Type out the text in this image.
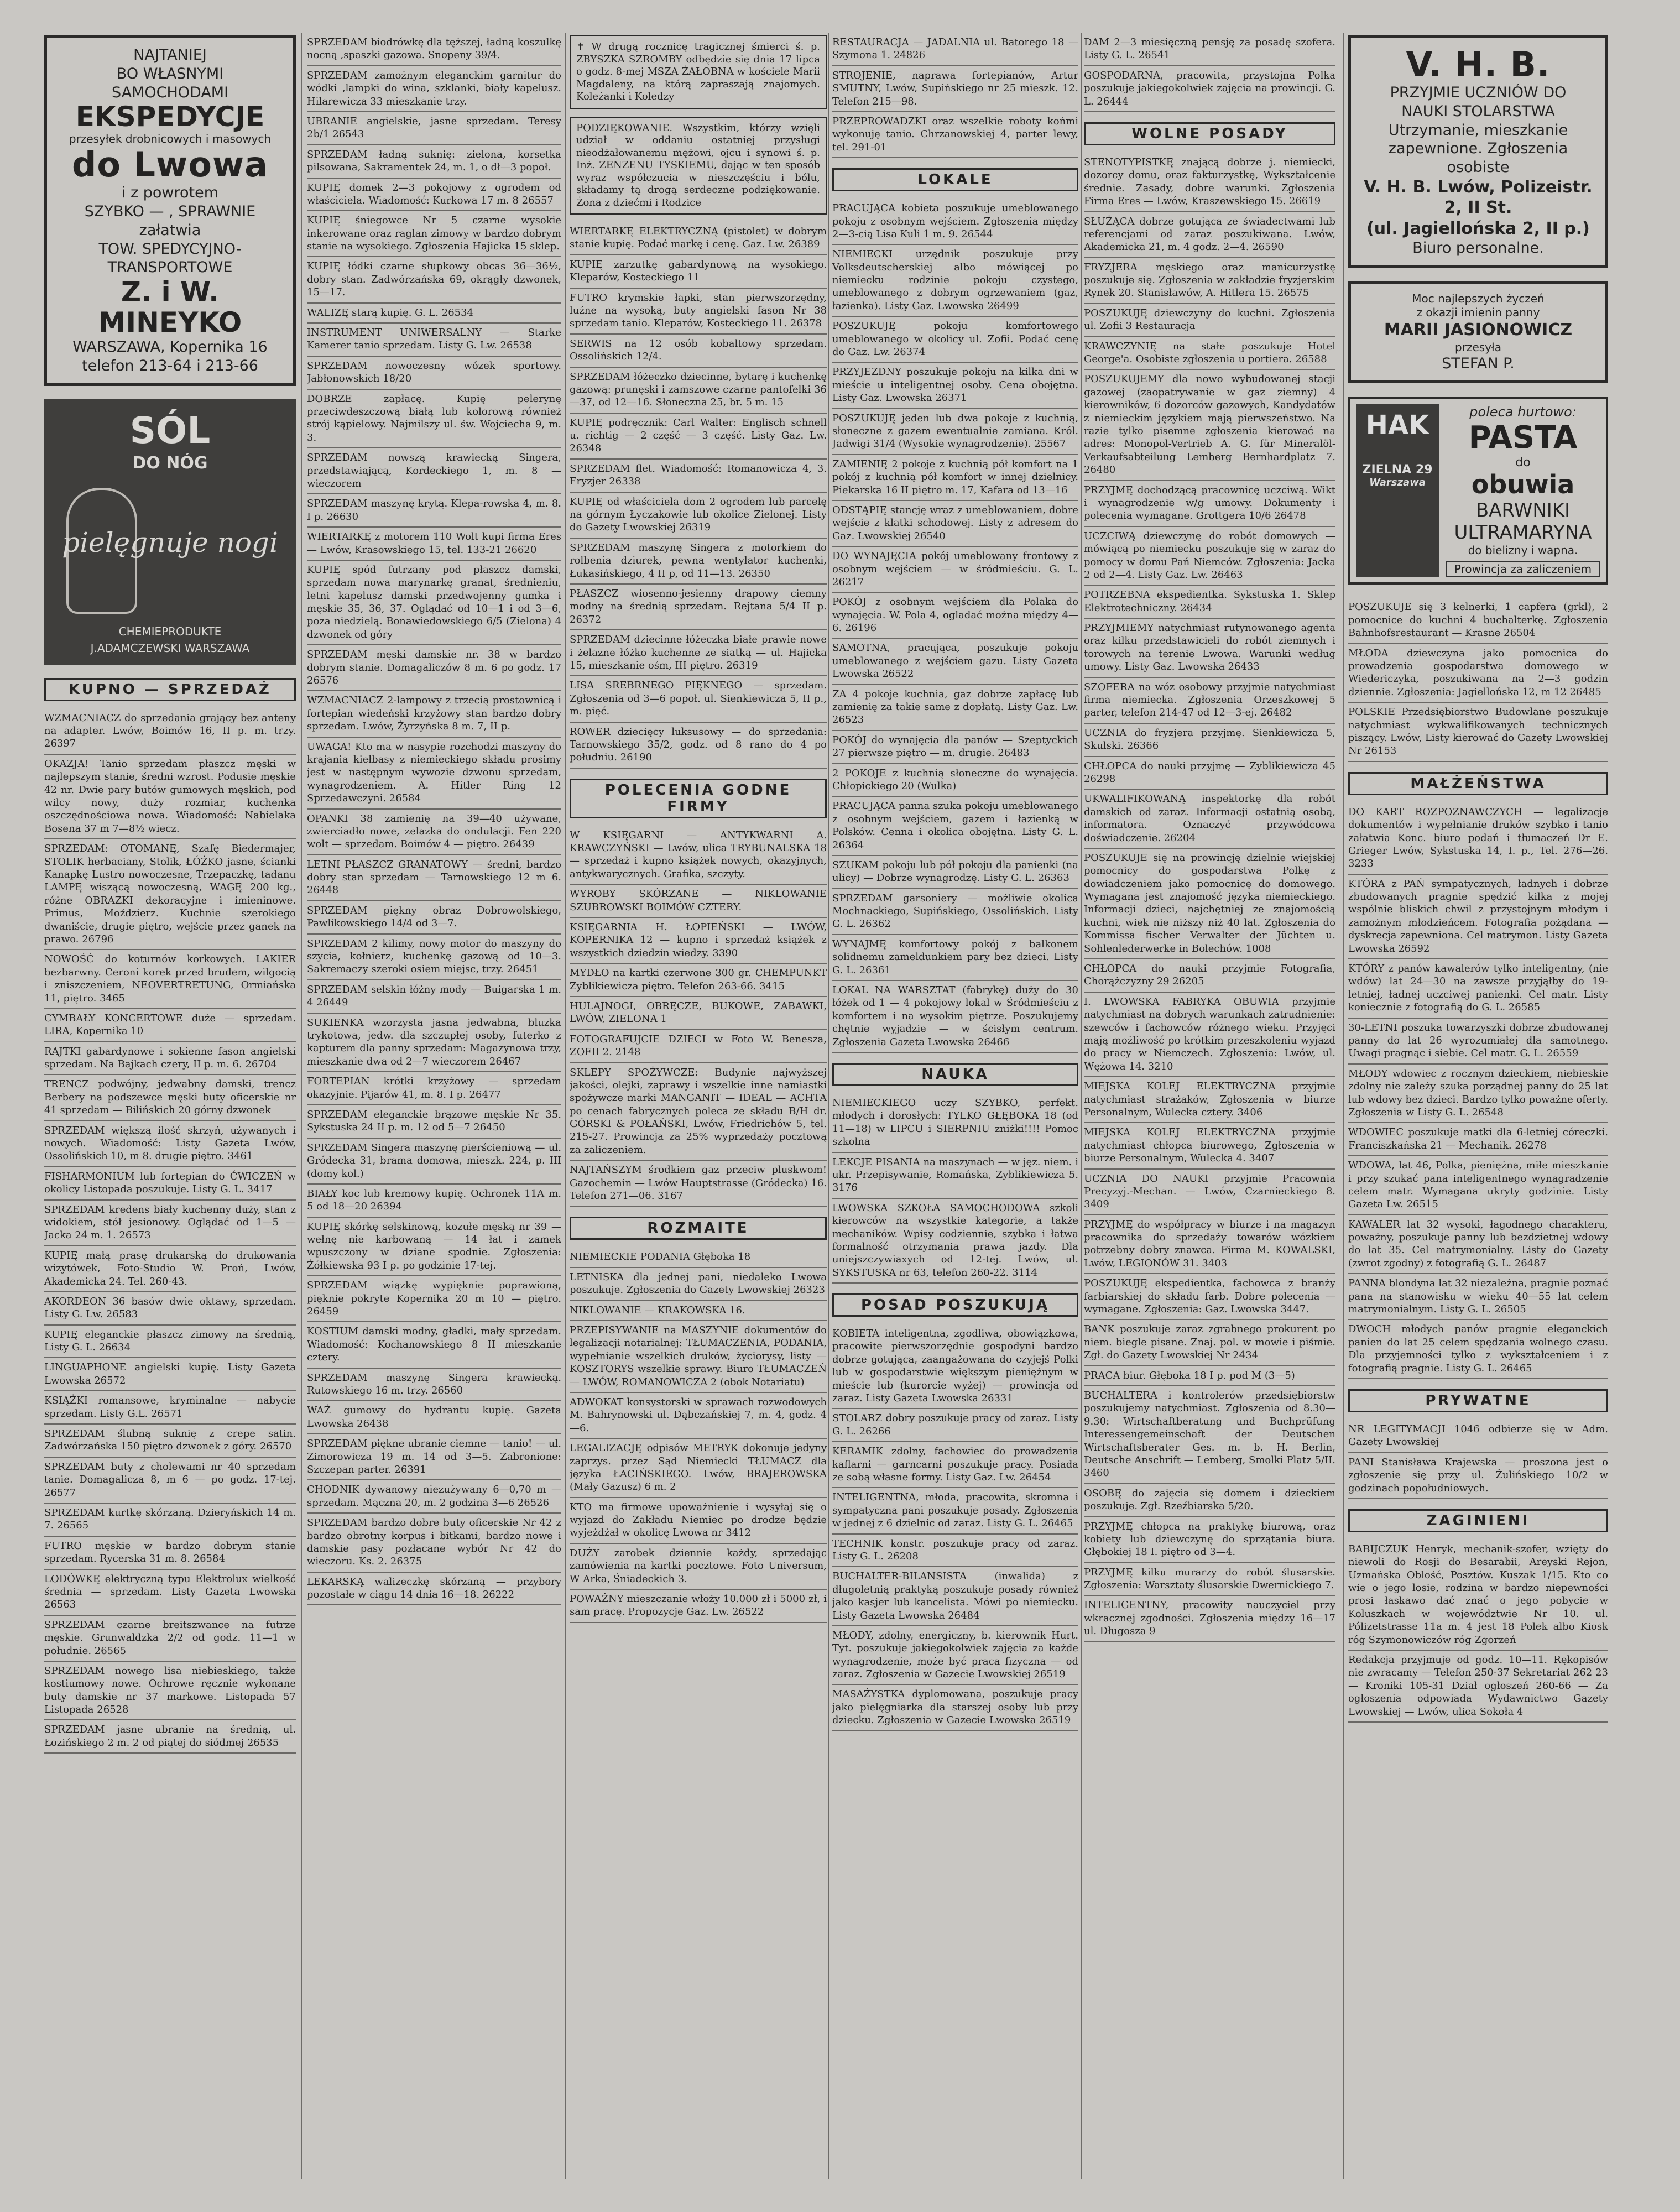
NAJTANIEJ
BO WŁASNYMI
SAMOCHODAMI
EKSPEDYCJE
przesyłek drobnicowych i masowych
do Lwowa
i z powrotem
SZYBKO — , SPRAWNIE
załatwia
TOW. SPEDYCYJNO-
TRANSPORTOWE
Z. i W. MINEYKO
WARSZAWA, Kopernika 16
telefon 213-64 i 213-66
SÓL
DO NÓG
pielęgnuje nogi
CHEMIEPRODUKTE
J.ADAMCZEWSKI WARSZAWA
KUPNO — SPRZEDAŻ

WZMACNIACZ do sprzedania grający bez anteny na adapter. Lwów, Boimów 16, II p. m. trzy. 26397

OKAZJA! Tanio sprzedam płaszcz męski w najlepszym stanie, średni wzrost. Podusie męskie 42 nr. Dwie pary butów gumowych męskich, pod wilcy nowy, duży rozmiar, kuchenka oszczędnościowa nowa. Wiadomość: Nabielaka Bosena 37 m 7—8½ wiecz.

SPRZEDAM: OTOMANĘ, Szafę Biedermajer, STOLIK herbaciany, Stolik, ŁÓŻKO jasne, ścianki Kanapkę Lustro nowoczesne, Trzepaczkę, tadanu LAMPĘ wiszącą nowoczesną, WAGĘ 200 kg., różne OBRAZKI dekoracyjne i imieninowe. Primus, Moździerz. Kuchnie szerokiego dwaniście, drugie piętro, wejście przez ganek na prawo. 26796

NOWOŚĆ do koturnów korkowych. LAKIER bezbarwny. Ceroni korek przed brudem, wilgocią i zniszczeniem, NEOVERTRETUNG, Ormiańska 11, piętro. 3465

CYMBAŁY KONCERTOWE duże — sprzedam. LIRA, Kopernika 10

RAJTKI gabardynowe i sokienne fason angielski sprzedam. Na Bajkach czery, II p. m. 6. 26704

TRENCZ podwójny, jedwabny damski, trencz Berbery na podszewce męski buty oficerskie nr 41 sprzedam — Bilińskich 20 górny dzwonek

SPRZEDAM większą ilość skrzyń, używanych i nowych. Wiadomość: Listy Gazeta Lwów, Ossolińskich 10, m 8. drugie piętro. 3461

FISHARMONIUM lub fortepian do ĆWICZEŃ w okolicy Listopada poszukuje. Listy G. L. 3417

SPRZEDAM kredens biały kuchenny duży, stan z widokiem, stół jesionowy. Oglądać od 1—5 — Jacka 24 m. 1. 26573

KUPIĘ małą prasę drukarską do drukowania wizytówek, Foto-Studio W. Proń, Lwów, Akademicka 24. Tel. 260-43.

AKORDEON 36 basów dwie oktawy, sprzedam. Listy G. Lw. 26583

KUPIĘ eleganckie płaszcz zimowy na średnią, Listy G. L. 26634

LINGUAPHONE angielski kupię. Listy Gazeta Lwowska 26572

KSIĄŻKI romansowe, kryminalne — nabycie sprzedam. Listy G.L. 26571

SPRZEDAM ślubną suknię z crepe satin. Zadwórzańska 150 piętro dzwonek z góry. 26570

SPRZEDAM buty z cholewami nr 40 sprzedam tanie. Domagalicza 8, m 6 — po godz. 17-tej. 26577

SPRZEDAM kurtkę skórzaną. Dzieryńskich 14 m. 7. 26565

FUTRO męskie w bardzo dobrym stanie sprzedam. Rycerska 31 m. 8. 26584

LODÓWKĘ elektryczną typu Elektrolux wielkość średnia — sprzedam. Listy Gazeta Lwowska 26563

SPRZEDAM czarne breitszwance na futrze męskie. Grunwaldzka 2/2 od godz. 11—1 w południe. 26565

SPRZEDAM nowego lisa niebieskiego, także kostiumowy nowe. Ochrowe ręcznie wykonane buty damskie nr 37 markowe. Listopada 57 Listopada 26528

SPRZEDAM jasne ubranie na średnią, ul. Łozińskiego 2 m. 2 od piątej do siódmej 26535

SPRZEDAM biodrówkę dla tęższej, ładną koszulkę nocną ,spaszki gazowa. Snopeny 39/4.

SPRZEDAM zamożnym eleganckim garnitur do wódki ,lampki do wina, szklanki, biały kapelusz. Hilarewicza 33 mieszkanie trzy.

UBRANIE angielskie, jasne sprzedam. Teresy 2b/1 26543

SPRZEDAM ładną suknię: zielona, korsetka pilsowana, Sakramentek 24, m. 1, o dł—3 popoł.

KUPIĘ domek 2—3 pokojowy z ogrodem od właściciela. Wiadomość: Kurkowa 17 m. 8 26557

KUPIĘ śniegowce Nr 5 czarne wysokie inkerowane oraz raglan zimowy w bardzo dobrym stanie na wysokiego. Zgłoszenia Hajicka 15 sklep.

KUPIĘ łódki czarne słupkowy obcas 36—36½, dobry stan. Zadwórzańska 69, okrągły dzwonek, 15—17.

WALIZĘ starą kupię. G. L. 26534

INSTRUMENT UNIWERSALNY — Starke Kamerer tanio sprzedam. Listy G. Lw. 26538

SPRZEDAM nowoczesny wózek sportowy. Jabłonowskich 18/20

DOBRZE zapłacę. Kupię pelerynę przeciwdeszczową białą lub kolorową również strój kąpielowy. Najmilszy ul. św. Wojciecha 9, m. 3.

SPRZEDAM nowszą krawiecką Singera, przedstawiającą, Kordeckiego 1, m. 8 — wieczorem

SPRZEDAM maszynę krytą. Klepa-rowska 4, m. 8. I p. 26630

WIERTARKĘ z motorem 110 Wolt kupi firma Eres — Lwów, Krasowskiego 15, tel. 133-21 26620

KUPIĘ spód futrzany pod płaszcz damski, sprzedam nowa marynarkę granat, średnieniu, letni kapelusz damski przedwojenny gumka i męskie 35, 36, 37. Oglądać od 10—1 i od 3—6, poza niedzielą. Bonawiedowskiego 6/5 (Zielona) 4 dzwonek od góry

SPRZEDAM męski damskie nr. 38 w bardzo dobrym stanie. Domagaliczów 8 m. 6 po godz. 17 26576

WZMACNIACZ 2-lampowy z trzecią prostownicą i fortepian wiedeński krzyżowy stan bardzo dobry sprzedam. Lwów, Żyrzyńska 8 m. 7, II p.

UWAGA! Kto ma w nasypie rozchodzi maszyny do krajania kiełbasy z niemieckiego składu prosimy jest w następnym wywozie dzwonu sprzedam, wynagrodzeniem. A. Hitler Ring 12 Sprzedawczyni. 26584

OPANKI 38 zamienię na 39—40 używane, zwierciadło nowe, zelazka do ondulacji. Fen 220 wolt — sprzedam. Boimów 4 — piętro. 26439

LETNI PŁASZCZ GRANATOWY — średni, bardzo dobry stan sprzedam — Tarnowskiego 12 m 6. 26448

SPRZEDAM piękny obraz Dobrowolskiego, Pawlikowskiego 14/4 od 3—7.

SPRZEDAM 2 kilimy, nowy motor do maszyny do szycia, kołnierz, kuchenkę gazową od 10—3. Sakremaczy szeroki osiem miejsc, trzy. 26451

SPRZEDAM selskin łóżny mody — Buigarska 1 m. 4 26449

SUKIENKA wzorzysta jasna jedwabna, bluzka trykotowa, jedw. dla szczupłej osoby, futerko z kapturem dla panny sprzedam: Magazynowa trzy, mieszkanie dwa od 2—7 wieczorem 26467

FORTEPIAN krótki krzyżowy — sprzedam okazyjnie. Pijarów 41, m. 8. I p. 26477

SPRZEDAM eleganckie brązowe męskie Nr 35. Sykstuska 24 II p. m. 12 od 5—7 26450

SPRZEDAM Singera maszynę pierścieniową — ul. Gródecka 31, brama domowa, mieszk. 224, p. III (domy kol.)

BIAŁY koc lub kremowy kupię. Ochronek 11A m. 5 od 18—20 26394

KUPIĘ skórkę selskinową, kozułe męską nr 39 — wełnę nie karbowaną — 14 łat i zamek wpuszczony w dziane spodnie. Zgłoszenia: Żółkiewska 93 I p. po godzinie 17-tej.

SPRZEDAM wiązkę wypięknie poprawioną, pięknie pokryte Kopernika 20 m 10 — piętro. 26459

KOSTIUM damski modny, gładki, mały sprzedam. Wiadomość: Kochanowskiego 8 II mieszkanie cztery.

SPRZEDAM maszynę Singera krawiecką. Rutowskiego 16 m. trzy. 26560

WAŻ gumowy do hydrantu kupię. Gazeta Lwowska 26438

SPRZEDAM piękne ubranie ciemne — tanio! — ul. Zimorowicza 19 m. 14 od 3—5. Zabronione: Szczepan parter. 26391

CHODNIK dywanowy niezużywany 6—0,70 m — sprzedam. Mączna 20, m. 2 godzina 3—6 26526

SPRZEDAM bardzo dobre buty oficerskie Nr 42 z bardzo obrotny korpus i bitkami, bardzo nowe i damskie pasy pozłacane wybór Nr 42 do wieczoru. Ks. 2. 26375

LEKARSKĄ walizeczkę skórzaną — przybory pozostałe w ciągu 14 dnia 16—18. 26222

✝ W drugą rocznicę tragicznej śmierci ś. p. ZBYSZKA SZROMBY odbędzie się dnia 17 lipca o godz. 8-mej MSZA ŻAŁOBNA w kościele Marii Magdaleny, na którą zapraszają znajomych. Koleżanki i Koledzy
PODZIĘKOWANIE. Wszystkim, którzy wzięli udział w oddaniu ostatniej przysługi nieodżałowanemu mężowi, ojcu i synowi ś. p. Inż. ZENZENU TYSKIEMU, dając w ten sposób wyraz współczucia w nieszczęściu i bólu, składamy tą drogą serdeczne podziękowanie. Żona z dziećmi i Rodzice

WIERTARKĘ ELEKTRYCZNĄ (pistolet) w dobrym stanie kupię. Podać markę i cenę. Gaz. Lw. 26389

KUPIĘ zarzutkę gabardynową na wysokiego. Kleparów, Kosteckiego 11

FUTRO krymskie łapki, stan pierwszorzędny, luźne na wysoką, buty angielski fason Nr 38 sprzedam tanio. Kleparów, Kosteckiego 11. 26378

SERWIS na 12 osób kobaltowy sprzedam. Ossolińskich 12/4.

SPRZEDAM łóżeczko dziecinne, bytarę i kuchenkę gazową: prunęski i zamszowe czarne pantofelki 36—37, od 12—16. Słoneczna 25, br. 5 m. 15

KUPIĘ podręcznik: Carl Walter: Englisch schnell u. richtig — 2 część — 3 część. Listy Gaz. Lw. 26348

SPRZEDAM flet. Wiadomość: Romanowicza 4, 3. Fryzjer 26338

KUPIĘ od właściciela dom 2 ogrodem lub parcelę na górnym Łyczakowie lub okolice Zielonej. Listy do Gazety Lwowskiej 26319

SPRZEDAM maszynę Singera z motorkiem do rolbenia dziurek, pewna wentylator kuchenki, Łukasińskiego, 4 II p, od 11—13. 26350

PŁASZCZ wiosenno-jesienny drapowy ciemny modny na średnią sprzedam. Rejtana 5/4 II p. 26372

SPRZEDAM dziecinne łóżeczka białe prawie nowe i żelazne łóżko kuchenne ze siatką — ul. Hajicka 15, mieszkanie ośm, III piętro. 26319

LISA SREBRNEGO PIĘKNEGO — sprzedam. Zgłoszenia od 3—6 popoł. ul. Sienkiewicza 5, II p., m. pięć.

ROWER dziecięcy luksusowy — do sprzedania: Tarnowskiego 35/2, godz. od 8 rano do 4 po południu. 26190

POLECENIA GODNE FIRMY

W KSIĘGARNI — ANTYKWARNI A. KRAWCZYŃSKI — Lwów, ulica TRYBUNALSKA 18 — sprzedaż i kupno książek nowych, okazyjnych, antykwarycznych. Grafika, szczyty.

WYROBY SKÓRZANE — NIKLOWANIE SZUBROWSKI BOIMÓW CZTERY.

KSIĘGARNIA H. ŁOPIEŃSKI — LWÓW, KOPERNIKA 12 — kupno i sprzedaż książek z wszystkich dziedzin wiedzy. 3390

MYDŁO na kartki czerwone 300 gr. CHEMPUNKT Zyblikiewicza piętro. Telefon 263-66. 3415

HULAJNOGI, OBRĘCZE, BUKOWE, ZABAWKI, LWÓW, ZIELONA 1

FOTOGRAFUJCIE DZIECI w Foto W. Benesza, ZOFII 2. 2148

SKLEPY SPOŻYWCZE: Budynie najwyższej jakości, olejki, zaprawy i wszelkie inne namiastki spożywcze marki MANGANIT — IDEAL — ACHTA po cenach fabrycznych poleca ze składu B/H dr. GÓRSKI & POŁAŃSKI, Lwów, Friedrichów 5, tel. 215-27. Prowincja za 25% wyprzedaży pocztową za zaliczeniem.

NAJTAŃSZYM środkiem gaz przeciw pluskwom! Gazochemin — Lwów Hauptstrasse (Gródecka) 16. Telefon 271—06. 3167

ROZMAITE

NIEMIECKIE PODANIA Głęboka 18

LETNISKA dla jednej pani, niedaleko Lwowa poszukuje. Zgłoszenia do Gazety Lwowskiej 26323

NIKLOWANIE — KRAKOWSKA 16.

PRZEPISYWANIE na MASZYNIE dokumentów do legalizacji notarialnej: TŁUMACZENIA, PODANIA, wypełnianie wszelkich druków, życiorysy, listy — KOSZTORYS wszelkie sprawy. Biuro TŁUMACZEŃ — LWÓW, ROMANOWICZA 2 (obok Notariatu)

ADWOKAT konsystorski w sprawach rozwodowych M. Bahrynowski ul. Dąbczańskiej 7, m. 4, godz. 4—6.

LEGALIZACJĘ odpisów METRYK dokonuje jedyny zaprzys. przez Sąd Niemiecki TŁUMACZ dla języka ŁACIŃSKIEGO. Lwów, BRAJEROWSKA (Mały Gazusz) 6 m. 2

KTO ma firmowe upoważnienie i wysyłaj się o wyjazd do Zakładu Niemiec po drodze będzie wyjeżdżał w okolicę Lwowa nr 3412

DUŻY zarobek dziennie każdy, sprzedając zamówienia na kartki pocztowe. Foto Universum, W Arka, Śniadeckich 3.

POWAŻNY mieszczanie włoży 10.000 zł i 5000 zł, i sam pracę. Propozycje Gaz. Lw. 26522

RESTAURACJA — JADALNIA ul. Batorego 18 — Szymona 1. 24826

STROJENIE, naprawa fortepianów, Artur SMUTNY, Lwów, Supińskiego nr 25 mieszk. 12. Telefon 215—98.

PRZEPROWADZKI oraz wszelkie roboty końmi wykonuję tanio. Chrzanowskiej 4, parter lewy, tel. 291-01

LOKALE

PRACUJĄCA kobieta poszukuje umeblowanego pokoju z osobnym wejściem. Zgłoszenia między 2—3-cią Lisa Kuli 1 m. 9. 26544

NIEMIECKI urzędnik poszukuje przy Volksdeutscherskiej albo mówiącej po niemiecku rodzinie pokoju czystego, umeblowanego z dobrym ogrzewaniem (gaz, łazienka). Listy Gaz. Lwowska 26499

POSZUKUJĘ pokoju komfortowego umeblowanego w okolicy ul. Zofii. Podać cenę do Gaz. Lw. 26374

PRZYJEZDNY poszukuje pokoju na kilka dni w mieście u inteligentnej osoby. Cena obojętna. Listy Gaz. Lwowska 26371

POSZUKUJĘ jeden lub dwa pokoje z kuchnią, słoneczne z gazem ewentualnie zamiana. Król. Jadwigi 31/4 (Wysokie wynagrodzenie). 25567

ZAMIENIĘ 2 pokoje z kuchnią pół komfort na 1 pokój z kuchnią pół komfort w innej dzielnicy. Piekarska 16 II piętro m. 17, Kafara od 13—16

ODSTĄPIĘ stancję wraz z umeblowaniem, dobre wejście z klatki schodowej. Listy z adresem do Gaz. Lwowskiej 26540

DO WYNAJĘCIA pokój umeblowany frontowy z osobnym wejściem — w śródmieściu. G. L. 26217

POKÓJ z osobnym wejściem dla Polaka do wynajęcia. W. Pola 4, ogladać można między 4—6. 26196

SAMOTNA, pracująca, poszukuje pokoju umeblowanego z wejściem gazu. Listy Gazeta Lwowska 26522

ZA 4 pokoje kuchnia, gaz dobrze zapłacę lub zamienię za takie same z dopłatą. Listy Gaz. Lw. 26523

POKÓJ do wynajęcia dla panów — Szeptyckich 27 pierwsze piętro — m. drugie. 26483

2 POKOJE z kuchnią słoneczne do wynajęcia. Chłopickiego 20 (Wulka)

PRACUJĄCA panna szuka pokoju umeblowanego z osobnym wejściem, gazem i łazienką w Polsków. Cenna i okolica obojętna. Listy G. L. 26364

SZUKAM pokoju lub pół pokoju dla panienki (na ulicy) — Dobrze wynagrodzę. Listy G. L. 26363

SPRZEDAM garsoniery — możliwie okolica Mochnackiego, Supińskiego, Ossolińskich. Listy G. L. 26362

WYNAJMĘ komfortowy pokój z balkonem solidnemu zameldunkiem pary bez dzieci. Listy G. L. 26361

LOKAL NA WARSZTAT (fabrykę) duży do 30 łóżek od 1 — 4 pokojowy lokal w Śródmieściu z komfortem i na wysokim piętrze. Poszukujemy chętnie wyjadzie — w ścisłym centrum. Zgłoszenia Gazeta Lwowska 26466

NAUKA

NIEMIECKIEGO uczy SZYBKO, perfekt. młodych i dorosłych: TYLKO GŁĘBOKA 18 (od 11—18) w LIPCU i SIERPNIU zniżki!!!! Pomoc szkolna

LEKCJE PISANIA na maszynach — w jęz. niem. i ukr. Przepisywanie, Romańska, Zyblikiewicza 5. 3176

LWOWSKA SZKOŁA SAMOCHODOWA szkoli kierowców na wszystkie kategorie, a także mechaników. Wpisy codziennie, szybka i łatwa formalność otrzymania prawa jazdy. Dla uniejszczywiaxych od 12-tej. Lwów, ul. SYKSTUSKA nr 63, telefon 260-22. 3114

POSAD POSZUKUJĄ

KOBIETA inteligentna, zgodliwa, obowiązkowa, pracowite pierwszorzędnie gospodyni bardzo dobrze gotująca, zaangażowana do czyjejś Polki lub w gospodarstwie większym pieniężnym w mieście lub (kurorcie wyżej) — prowincja od zaraz. Listy Gazeta Lwowska 26331

STOLARZ dobry poszukuje pracy od zaraz. Listy G. L. 26266

KERAMIK zdolny, fachowiec do prowadzenia kaflarni — garncarni poszukuje pracy. Posiada ze sobą własne formy. Listy Gaz. Lw. 26454

INTELIGENTNA, młoda, pracowita, skromna i sympatyczna pani poszukuje posady. Zgłoszenia w jednej z 6 dzielnic od zaraz. Listy G. L. 26465

TECHNIK konstr. poszukuje pracy od zaraz. Listy G. L. 26208

BUCHALTER-BILANSISTA (inwalida) z długoletnią praktyką poszukuje posady również jako kasjer lub kancelista. Mówi po niemiecku. Listy Gazeta Lwowska 26484

MŁODY, zdolny, energiczny, b. kierownik Hurt. Tyt. poszukuje jakiegokolwiek zajęcia za każde wynagrodzenie, może być praca fizyczna — od zaraz. Zgłoszenia w Gazecie Lwowskiej 26519

MASAŻYSTKA dyplomowana, poszukuje pracy jako pielęgniarka dla starszej osoby lub przy dziecku. Zgłoszenia w Gazecie Lwowska 26519

DAM 2—3 miesięczną pensję za posadę szofera. Listy G. L. 26541

GOSPODARNA, pracowita, przystojna Polka poszukuje jakiegokolwiek zajęcia na prowincji. G. L. 26444

WOLNE POSADY

STENOTYPISTKĘ znającą dobrze j. niemiecki, dozorcy domu, oraz fakturzystkę, Wykształcenie średnie. Zasady, dobre warunki. Zgłoszenia Firma Eres — Lwów, Kraszewskiego 15. 26619

SŁUŻĄCA dobrze gotująca ze świadectwami lub referencjami od zaraz poszukiwana. Lwów, Akademicka 21, m. 4 godz. 2—4. 26590

FRYZJERA męskiego oraz manicurzystkę poszukuje się. Zgłoszenia w zakładzie fryzjerskim Rynek 20. Stanisławów, A. Hitlera 15. 26575

POSZUKUJĘ dziewczyny do kuchni. Zgłoszenia ul. Zofii 3 Restauracja

KRAWCZYNIĘ na stałe poszukuje Hotel George'a. Osobiste zgłoszenia u portiera. 26588

POSZUKUJEMY dla nowo wybudowanej stacji gazowej (zaopatrywanie w gaz ziemny) 4 kierowników, 6 dozorców gazowych, Kandydatów z niemieckim językiem mają pierwszeństwo. Na razie tylko pisemne zgłoszenia kierować na adres: Monopol-Vertrieb A. G. für Mineralöl-Verkaufsabteilung Lemberg Bernhardplatz 7. 26480

PRZYJMĘ dochodzącą pracownicę uczciwą. Wikt i wynagrodzenie w/g umowy. Dokumenty i polecenia wymagane. Grottgera 10/6 26478

UCZCIWĄ dziewczynę do robót domowych — mówiącą po niemiecku poszukuje się w zaraz do pomocy w domu Pań Niemców. Zgłoszenia: Jacka 2 od 2—4. Listy Gaz. Lw. 26463

POTRZEBNA ekspedientka. Sykstuska 1. Sklep Elektrotechniczny. 26434

PRZYJMIEMY natychmiast rutynowanego agenta oraz kilku przedstawicieli do robót ziemnych i torowych na terenie Lwowa. Warunki według umowy. Listy Gaz. Lwowska 26433

SZOFERA na wóz osobowy przyjmie natychmiast firma niemiecka. Zgłoszenia Orzeszkowej 5 parter, telefon 214-47 od 12—3-ej. 26482

UCZNIA do fryzjera przyjmę. Sienkiewicza 5, Skulski. 26366

CHŁOPCA do nauki przyjmę — Zyblikiewicza 45 26298

UKWALIFIKOWANĄ inspektorkę dla robót damskich od zaraz. Informacji ostatnią osobą, informatora. Oznaczyć przywódcowa doświadczenie. 26204

POSZUKUJE się na prowincję dzielnie wiejskiej pomocnicy do gospodarstwa Polkę z dowiadczeniem jako pomocnicę do domowego. Wymagana jest znajomość języka niemieckiego. Informacji dzieci, najchętniej ze znajomością kuchni, wiek nie niższy niż 40 lat. Zgłoszenia do Kommissa fischer Verwalter der Jüchten u. Sohlenlederwerke in Bolechów. 1008

CHŁOPCA do nauki przyjmie Fotografia, Chorążczyzny 29 26205

I. LWOWSKA FABRYKA OBUWIA przyjmie natychmiast na dobrych warunkach zatrudnienie: szewców i fachowców różnego wieku. Przyjęci mają możliwość po krótkim przeszkoleniu wyjazd do pracy w Niemczech. Zgłoszenia: Lwów, ul. Wężowa 14. 3210

MIEJSKA KOLEJ ELEKTRYCZNA przyjmie natychmiast strażaków, Zgłoszenia w biurze Personalnym, Wulecka cztery. 3406

MIEJSKA KOLEJ ELEKTRYCZNA przyjmie natychmiast chłopca biurowego, Zgłoszenia w biurze Personalnym, Wulecka 4. 3407

UCZNIA DO NAUKI przyjmie Pracownia Precyzyj.-Mechan. — Lwów, Czarnieckiego 8. 3409

PRZYJMĘ do współpracy w biurze i na magazyn pracownika do sprzedaży towarów wózkiem potrzebny dobry znawca. Firma M. KOWALSKI, Lwów, LEGIONÓW 31. 3403

POSZUKUJĘ ekspedientka, fachowca z branży farbiarskiej do składu farb. Dobre polecenia — wymagane. Zgłoszenia: Gaz. Lwowska 3447.

BANK poszukuje zaraz zgrabnego prokurent po niem. biegle pisane. Znaj. pol. w mowie i piśmie. Zgł. do Gazety Lwowskiej Nr 2434

PRACA biur. Głęboka 18 I p. pod M (3—5)

BUCHALTERA i kontrolerów przedsiębiorstw poszukujemy natychmiast. Zgłoszenia od 8.30—9.30: Wirtschaftberatung und Buchprüfung Interessengemeinschaft der Deutschen Wirtschaftsberater Ges. m. b. H. Berlin, Deutsche Anschrift — Lemberg, Smolki Platz 5/II. 3460

OSOBĘ do zajęcia się domem i dzieckiem poszukuje. Zgł. Rzeźbiarska 5/20.

PRZYJMĘ chłopca na praktykę biurową, oraz kobiety lub dziewczynę do sprzątania biura. Głębokiej 18 I. piętro od 3—4.

PRZYJMĘ kilku murarzy do robót ślusarskie. Zgłoszenia: Warsztaty ślusarskie Dwernickiego 7.

INTELIGENTNY, pracowity nauczyciel przy wkracznej zgodności. Zgłoszenia między 16—17 ul. Długosza 9

V. H. B.
PRZYJMIE UCZNIÓW DO
NAUKI STOLARSTWA
Utrzymanie, mieszkanie zapewnione. Zgłoszenia osobiste
V. H. B. Lwów, Polizeistr. 2, II St.
(ul. Jagiellońska 2, II p.)
Biuro personalne.
Moc najlepszych życzeń
z okazji imienin panny
MARII JASIONOWICZ
przesyła
STEFAN P.
HAK
ZIELNA 29
Warszawa
poleca hurtowo:
PASTA
do
obuwia
BARWNIKI ULTRAMARYNA
do bielizny i wapna.
Prowincja za zaliczeniem

POSZUKUJE się 3 kelnerki, 1 capfera (grkl), 2 pomocnice do kuchni 4 buchalterkę. Zgłoszenia Bahnhofsrestaurant — Krasne 26504

MŁODA dziewczyna jako pomocnica do prowadzenia gospodarstwa domowego w Wiedericzyka, poszukiwana na 2—3 godzin dziennie. Zgłoszenia: Jagiellońska 12, m 12 26485

POLSKIE Przedsiębiorstwo Budowlane poszukuje natychmiast wykwalifikowanych technicznych piszący. Lwów, Listy kierować do Gazety Lwowskiej Nr 26153

MAŁŻEŃSTWA

DO KART ROZPOZNAWCZYCH — legalizacje dokumentów i wypełnianie druków szybko i tanio załatwia Konc. biuro podań i tłumaczeń Dr E. Grieger Lwów, Sykstuska 14, I. p., Tel. 276—26. 3233

KTÓRA z PAŃ sympatycznych, ładnych i dobrze zbudowanych pragnie spędzić kilka z mojej wspólnie bliskich chwil z przystojnym młodym i zamożnym młodzieńcem. Fotografia pożądana — dyskrecja zapewniona. Cel matrymon. Listy Gazeta Lwowska 26592

KTÓRY z panów kawalerów tylko inteligentny, (nie wdów) lat 24—30 na zawsze przyjąłby do 19-letniej, ładnej uczciwej panienki. Cel matr. Listy koniecznie z fotografią do G. L. 26585

30-LETNI poszuka towarzyszki dobrze zbudowanej panny do lat 26 wyrozumiałej dla samotnego. Uwagi pragnąc i siebie. Cel matr. G. L. 26559

MŁODY wdowiec z rocznym dzieckiem, niebieskie zdolny nie zależy szuka porządnej panny do 25 lat lub wdowy bez dzieci. Bardzo tylko poważne oferty. Zgłoszenia w Listy G. L. 26548

WDOWIEC poszukuje matki dla 6-letniej córeczki. Franciszkańska 21 — Mechanik. 26278

WDOWA, lat 46, Polka, pieniężna, miłe mieszkanie i przy szukać pana inteligentnego wynagradzenie celem matr. Wymagana ukryty godzinie. Listy Gazeta Lw. 26515

KAWALER lat 32 wysoki, łagodnego charakteru, poważny, poszukuje panny lub bezdzietnej wdowy do lat 35. Cel matrymonialny. Listy do Gazety (zwrot zgodny) z fotografią G. L. 26487

PANNA blondyna lat 32 niezależna, pragnie poznać pana na stanowisku w wieku 40—55 lat celem matrymonialnym. Listy G. L. 26505

DWOCH młodych panów pragnie eleganckich panien do lat 25 celem spędzania wolnego czasu. Dla przyjemności tylko z wykształceniem i z fotografią pragnie. Listy G. L. 26465

PRYWATNE

NR LEGITYMACJI 1046 odbierze się w Adm. Gazety Lwowskiej

PANI Stanisława Krajewska — proszona jest o zgłoszenie się przy ul. Żulińskiego 10/2 w godzinach popołudniowych.

ZAGINIENI

BABIJCZUK Henryk, mechanik-szofer, wzięty do niewoli do Rosji do Besarabii, Areyski Rejon, Uzmańska Oblość, Posztów. Kuszak 1/15. Kto co wie o jego losie, rodzina w bardzo niepewności prosi łaskawo dać znać o jego pobycie w Koluszkach w województwie Nr 10. ul. Pólizetstrasse 11a m. 4 jest 18 Polek albo Kiosk róg Szymonowiczów róg Zgorzeń

Redakcja przyjmuje od godz. 10—11. Rękopisów nie zwracamy — Telefon 250-37 Sekretariat 262 23 — Kroniki 105-31 Dział ogłoszeń 260-66 — Za ogłoszenia odpowiada Wydawnictwo Gazety Lwowskiej — Lwów, ulica Sokoła 4
